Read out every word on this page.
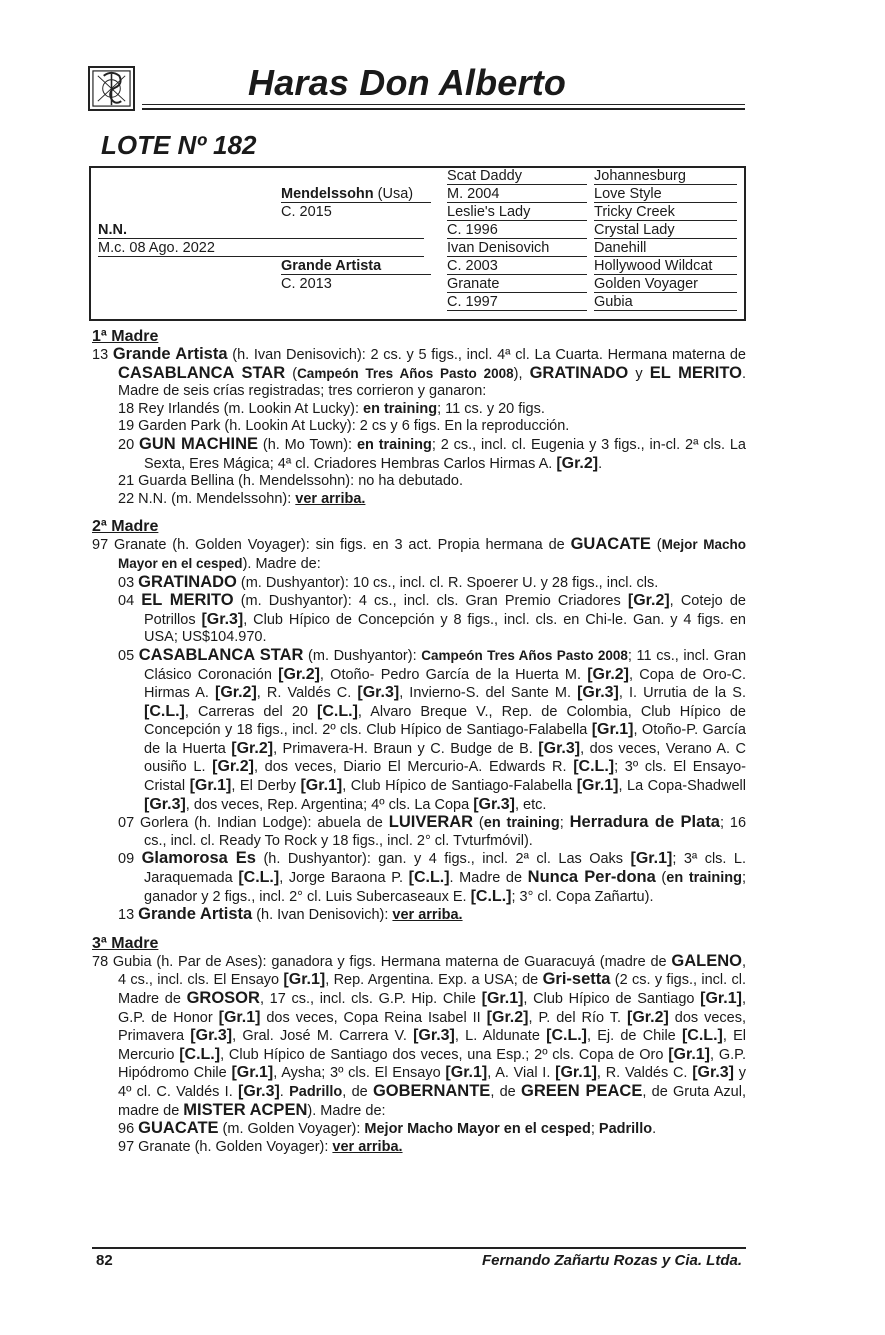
Haras Don Alberto
LOTE Nº 182
N.N.
M.c. 08 Ago. 2022
Mendelssohn (Usa)
C. 2015
Grande Artista
C. 2013
Scat Daddy
M. 2004
Leslie's Lady
C. 1996
Ivan Denisovich
C. 2003
Granate
C. 1997
Johannesburg
Love Style
Tricky Creek
Crystal Lady
Danehill
Hollywood Wildcat
Golden Voyager
Gubia
1ª Madre
13 Grande Artista (h. Ivan Denisovich): 2 cs. y 5 figs., incl. 4ª cl. La Cuarta. Hermana materna de CASABLANCA STAR (Campeón Tres Años Pasto 2008), GRATINADO y EL MERITO. Madre de seis crías registradas; tres corrieron y ganaron:
18 Rey Irlandés (m. Lookin At Lucky): en training; 11 cs. y 20 figs.
19 Garden Park (h. Lookin At Lucky): 2 cs y 6 figs. En la reproducción.
20 GUN MACHINE (h. Mo Town): en training; 2 cs., incl. cl. Eugenia y 3 figs., in-cl. 2ª cls. La Sexta, Eres Mágica; 4ª cl. Criadores Hembras Carlos Hirmas A. [Gr.2].
21 Guarda Bellina (h. Mendelssohn): no ha debutado.
22 N.N. (m. Mendelssohn): ver arriba.
2ª Madre
97 Granate (h. Golden Voyager): sin figs. en 3 act. Propia hermana de GUACATE (Mejor Macho Mayor en el cesped). Madre de:
03 GRATINADO (m. Dushyantor): 10 cs., incl. cl. R. Spoerer U. y 28 figs., incl. cls.
04 EL MERITO (m. Dushyantor): 4 cs., incl. cls. Gran Premio Criadores [Gr.2], Cotejo de Potrillos [Gr.3], Club Hípico de Concepción y 8 figs., incl. cls. en Chi-le. Gan. y 4 figs. en USA; US$104.970.
05 CASABLANCA STAR (m. Dushyantor): Campeón Tres Años Pasto 2008; 11 cs., incl. Gran Clásico Coronación [Gr.2], Otoño- Pedro García de la Huerta M. [Gr.2], Copa de Oro-C. Hirmas A. [Gr.2], R. Valdés C. [Gr.3], Invierno-S. del Sante M. [Gr.3], I. Urrutia de la S. [C.L.], Carreras del 20 [C.L.], Alvaro Breque V., Rep. de Colombia, Club Hípico de Concepción y 18 figs., incl. 2º cls. Club Hípico de Santiago-Falabella [Gr.1], Otoño-P. García de la Huerta [Gr.2], Primavera-H. Braun y C. Budge de B. [Gr.3], dos veces, Verano A. C ousiño L. [Gr.2], dos veces, Diario El Mercurio-A. Edwards R. [C.L.]; 3º cls. El Ensayo-Cristal [Gr.1], El Derby [Gr.1], Club Hípico de Santiago-Falabella [Gr.1], La Copa-Shadwell [Gr.3], dos veces, Rep. Argentina; 4º cls. La Copa [Gr.3], etc.
07 Gorlera (h. Indian Lodge): abuela de LUIVERAR (en training; Herradura de Plata; 16 cs., incl. cl. Ready To Rock y 18 figs., incl. 2° cl. Tvturfmóvil).
09 Glamorosa Es (h. Dushyantor): gan. y 4 figs., incl. 2ª cl. Las Oaks [Gr.1]; 3ª cls. L. Jaraquemada [C.L.], Jorge Baraona P. [C.L.]. Madre de Nunca Per-dona (en training; ganador y 2 figs., incl. 2° cl. Luis Subercaseaux E. [C.L.]; 3° cl. Copa Zañartu).
13 Grande Artista (h. Ivan Denisovich): ver arriba.
3ª Madre
78 Gubia (h. Par de Ases): ganadora y figs. Hermana materna de Guaracuyá (madre de GALENO, 4 cs., incl. cls. El Ensayo [Gr.1], Rep. Argentina. Exp. a USA; de Gri-setta (2 cs. y figs., incl. cl. Madre de GROSOR, 17 cs., incl. cls. G.P. Hip. Chile [Gr.1], Club Hípico de Santiago [Gr.1], G.P. de Honor [Gr.1] dos veces, Copa Reina Isabel II [Gr.2], P. del Río T. [Gr.2] dos veces, Primavera [Gr.3], Gral. José M. Carrera V. [Gr.3], L. Aldunate [C.L.], Ej. de Chile [C.L.], El Mercurio [C.L.], Club Hípico de Santiago dos veces, una Esp.; 2º cls. Copa de Oro [Gr.1], G.P. Hipódromo Chile [Gr.1], Aysha; 3º cls. El Ensayo [Gr.1], A. Vial I. [Gr.1], R. Valdés C. [Gr.3] y 4º cl. C. Valdés I. [Gr.3]. Padrillo, de GOBERNANTE, de GREEN PEACE, de Gruta Azul, madre de MISTER ACPEN). Madre de:
96 GUACATE (m. Golden Voyager): Mejor Macho Mayor en el cesped; Padrillo.
97 Granate (h. Golden Voyager): ver arriba.
82	Fernando Zañartu Rozas y Cia. Ltda.
